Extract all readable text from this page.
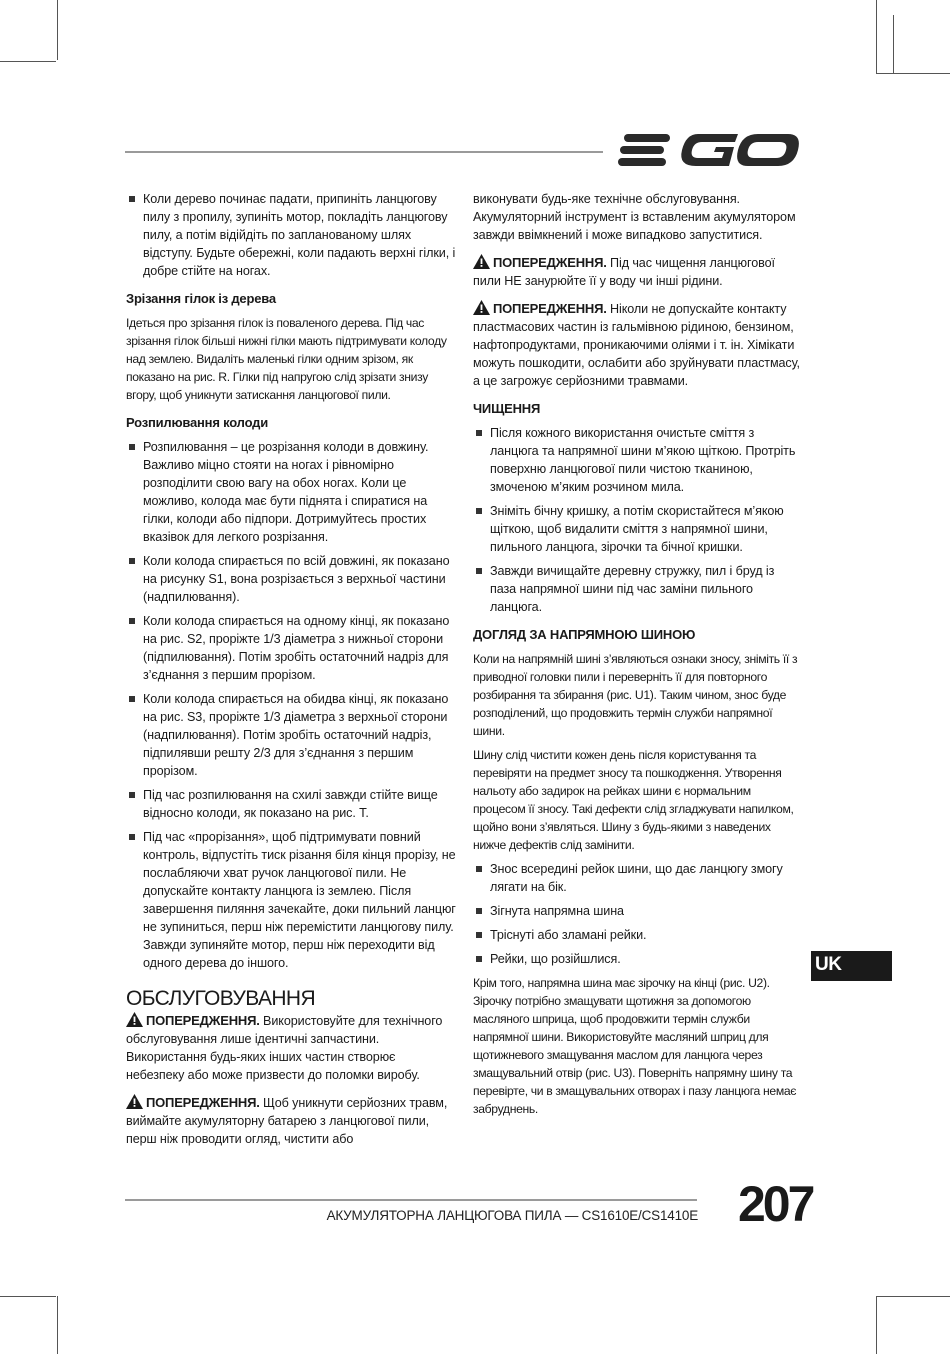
Коли дерево починає падати, припиніть ланцюгову пилу з пропилу, зупиніть мотор, покладіть ланцюгову пилу, а потім відійдіть по запланованому шлях відступу. Будьте обережні, коли падають верхні гілки, і добре стійте на ногах.
Зрізання гілок із дерева

Ідеться про зрізання гілок із поваленого дерева. Під час зрізання гілок більші нижні гілки мають підтримувати колоду над землею. Видаліть маленькі гілки одним зрізом, як показано на рис. R. Гілки під напругою слід зрізати знизу вгору, щоб уникнути затискання ланцюгової пили.

Розпилювання колоди
Розпилювання – це розрізання колоди в довжину. Важливо міцно стояти на ногах і рівномірно розподілити свою вагу на обох ногах. Коли це можливо, колода має бути піднята і спиратися на гілки, колоди або підпори. Дотримуйтесь простих вказівок для легкого розрізання.
Коли колода спирається по всій довжині, як показано на рисунку S1, вона розрізається з верхньої частини (надпилювання).
Коли колода спирається на одному кінці, як показано на рис. S2, проріжте 1/3 діаметра з нижньої сторони (підпилювання). Потім зробіть остаточний надріз для з’єднання з першим прорізом.
Коли колода спирається на обидва кінці, як показано на рис. S3, проріжте 1/3 діаметра з верхньої сторони (надпилювання). Потім зробіть остаточний надріз, підпилявши решту 2/3 для з’єднання з першим прорізом.
Під час розпилювання на схилі завжди стійте вище відносно колоди, як показано на рис. T.
Під час «прорізання», щоб підтримувати повний контроль, відпустіть тиск різання біля кінця прорізу, не послабляючи хват ручок ланцюгової пили. Не допускайте контакту ланцюга із землею. Після завершення пиляння зачекайте, доки пильний ланцюг не зупиниться, перш ніж перемістити ланцюгову пилу. Завжди зупиняйте мотор, перш ніж переходити від одного дерева до іншого.
ОБСЛУГОВУВАННЯ

ПОПЕРЕДЖЕННЯ. Використовуйте для технічного обслуговування лише ідентичні запчастини. Використання будь-яких інших частин створює небезпеку або може призвести до поломки виробу.

ПОПЕРЕДЖЕННЯ. Щоб уникнути серйозних травм, виймайте акумуляторну батарею з ланцюгової пили, перш ніж проводити огляд, чистити або

виконувати будь-яке технічне обслуговування. Акумуляторний інструмент із вставленим акумулятором завжди ввімкнений і може випадково запуститися.

ПОПЕРЕДЖЕННЯ. Під час чищення ланцюгової пили НЕ занурюйте її у воду чи інші рідини.

ПОПЕРЕДЖЕННЯ. Ніколи не допускайте контакту пластмасових частин із гальмівною рідиною, бензином, нафтопродуктами, проникаючими оліями і т. ін. Хімікати можуть пошкодити, ослабити або зруйнувати пластмасу, а це загрожує серйозними травмами.

ЧИЩЕННЯ
Після кожного використання очистьте сміття з ланцюга та напрямної шини м’якою щіткою. Протріть поверхню ланцюгової пили чистою тканиною, змоченою м’яким розчином мила.
Зніміть бічну кришку, а потім скористайтеся м’якою щіткою, щоб видалити сміття з напрямної шини, пильного ланцюга, зірочки та бічної кришки.
Завжди вичищайте деревну стружку, пил і бруд із паза напрямної шини під час заміни пильного ланцюга.
ДОГЛЯД ЗА НАПРЯМНОЮ ШИНОЮ

Коли на напрямній шині з’являються ознаки зносу, зніміть її з приводної головки пили і переверніть її для повторного розбирання та збирання (рис. U1). Таким чином, знос буде розподілений, що продовжить термін служби напрямної шини.

Шину слід чистити кожен день після користування та перевіряти на предмет зносу та пошкодження. Утворення нальоту або задирок на рейках шини є нормальним процесом її зносу. Такі дефекти слід згладжувати напилком, щойно вони з’являться. Шину з будь-якими з наведених нижче дефектів слід замінити.

Знос всередині рейок шини, що дає ланцюгу змогу лягати на бік.
Зігнута напрямна шина
Тріснуті або зламані рейки.
Рейки, що розійшлися.

Крім того, напрямна шина має зірочку на кінці (рис. U2). Зірочку потрібно змащувати щотижня за допомогою масляного шприца, щоб продовжити термін служби напрямної шини. Використовуйте масляний шприц для щотижневого змащування маслом для ланцюга через змащувальний отвір (рис. U3). Поверніть напрямну шину та перевірте, чи в змащувальних отворах і пазу ланцюга немає забруднень.

UK
АКУМУЛЯТОРНА ЛАНЦЮГОВА ПИЛА — CS1610E/CS1410E 207
